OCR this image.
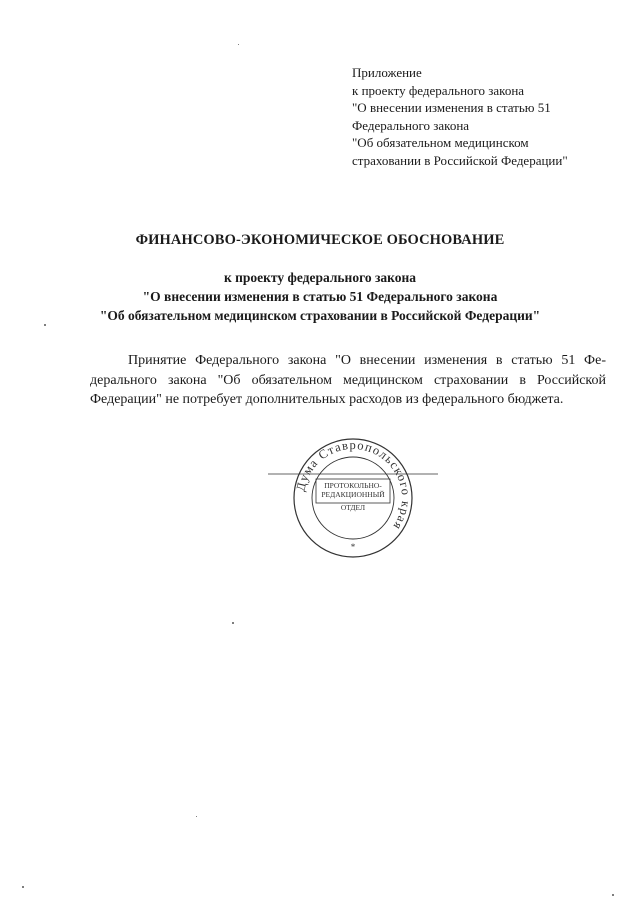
Приложение
к проекту федерального закона
"О внесении изменения в статью 51
Федерального закона
"Об обязательном медицинском
страховании в Российской Федерации"
ФИНАНСОВО-ЭКОНОМИЧЕСКОЕ ОБОСНОВАНИЕ
к проекту федерального закона
"О внесении изменения в статью 51 Федерального закона
"Об обязательном медицинском страховании в Российской Федерации"
Принятие Федерального закона "О внесении изменения в статью 51 Фе-
дерального закона "Об обязательном медицинском страховании в Российской
Федерации" не потребует дополнительных расходов из федерального бюджета.
Дума Ставропольского края
ПРОТОКОЛЬНО-
РЕДАКЦИОННЫЙ
ОТДЕЛ
*
